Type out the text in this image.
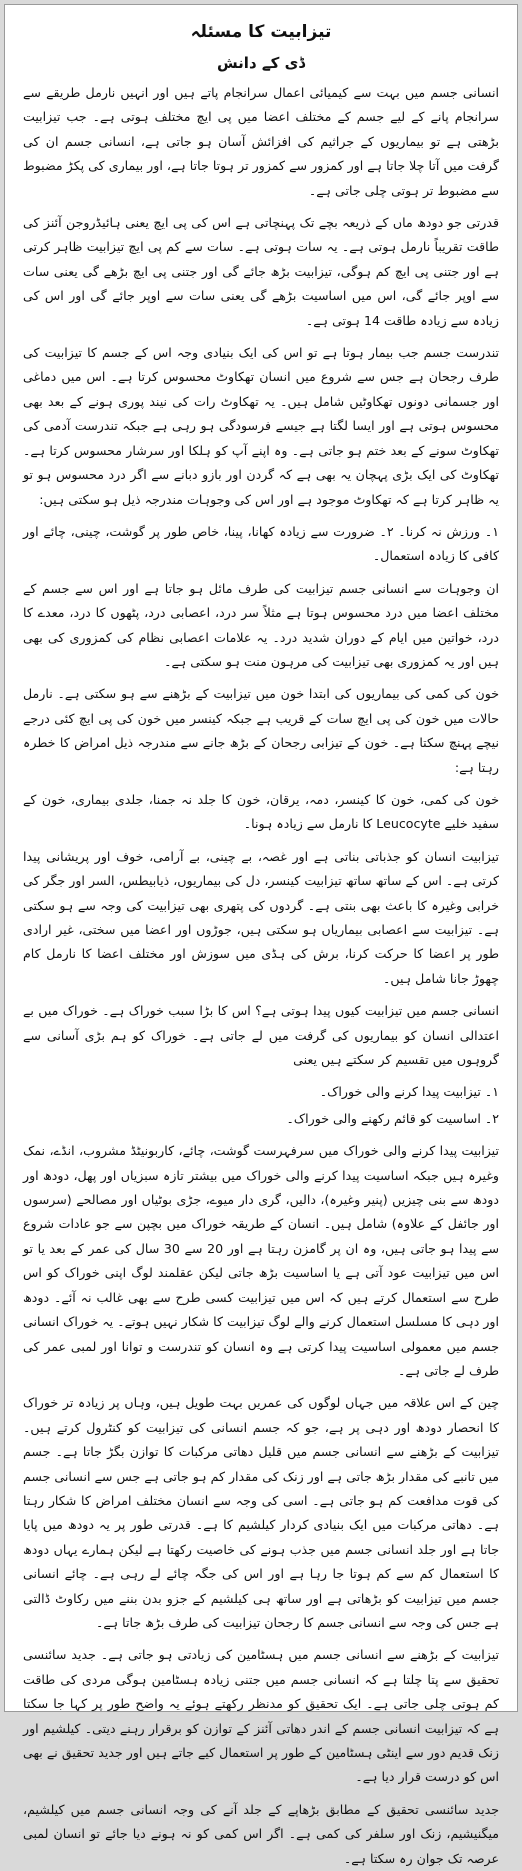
تیزابیت کا مسئلہ
ڈی کے دانش

انسانی جسم میں بہت سے کیمیائی اعمال سرانجام پاتے ہیں اور انہیں نارمل طریقے سے سرانجام پانے کے لیے جسم کے مختلف اعضا میں پی ایچ مختلف ہوتی ہے۔ جب تیزابیت بڑھتی ہے تو بیماریوں کے جراثیم کی افزائش آسان ہو جاتی ہے، انسانی جسم ان کی گرفت میں آتا چلا جاتا ہے اور کمزور سے کمزور تر ہوتا جاتا ہے، اور بیماری کی پکڑ مضبوط سے مضبوط تر ہوتی چلی جاتی ہے۔

قدرتی جو دودھ ماں کے ذریعہ بچے تک پہنچاتی ہے اس کی پی ایچ یعنی ہائیڈروجن آئنز کی طاقت تقریباً نارمل ہوتی ہے۔ یہ سات ہوتی ہے۔ سات سے کم پی ایچ تیزابیت ظاہر کرتی ہے اور جتنی پی ایچ کم ہوگی، تیزابیت بڑھ جائے گی اور جتنی پی ایچ بڑھے گی یعنی سات سے اوپر جائے گی، اس میں اساسیت بڑھے گی یعنی سات سے اوپر جائے گی اور اس کی زیادہ سے زیادہ طاقت 14 ہوتی ہے۔

تندرست جسم جب بیمار ہوتا ہے تو اس کی ایک بنیادی وجہ اس کے جسم کا تیزابیت کی طرف رجحان ہے جس سے شروع میں انسان تھکاوٹ محسوس کرتا ہے۔ اس میں دماغی اور جسمانی دونوں تھکاوٹیں شامل ہیں۔ یہ تھکاوٹ رات کی نیند پوری ہونے کے بعد بھی محسوس ہوتی ہے اور ایسا لگتا ہے جیسے فرسودگی ہو رہی ہے جبکہ تندرست آدمی کی تھکاوٹ سونے کے بعد ختم ہو جاتی ہے۔ وہ اپنے آپ کو ہلکا اور سرشار محسوس کرتا ہے۔ تھکاوٹ کی ایک بڑی پہچان یہ بھی ہے کہ گردن اور بازو دبانے سے اگر درد محسوس ہو تو یہ ظاہر کرتا ہے کہ تھکاوٹ موجود ہے اور اس کی وجوہات مندرجہ ذیل ہو سکتی ہیں:

۱۔ ورزش نہ کرنا۔ ۲۔ ضرورت سے زیادہ کھانا، پینا، خاص طور پر گوشت، چینی، چائے اور کافی کا زیادہ استعمال۔

ان وجوہات سے انسانی جسم تیزابیت کی طرف مائل ہو جاتا ہے اور اس سے جسم کے مختلف اعضا میں درد محسوس ہوتا ہے مثلاً سر درد، اعصابی درد، پٹھوں کا درد، معدے کا درد، خواتین میں ایام کے دوران شدید درد۔ یہ علامات اعصابی نظام کی کمزوری کی بھی ہیں اور یہ کمزوری بھی تیزابیت کی مرہون منت ہو سکتی ہے۔

خون کی کمی کی بیماریوں کی ابتدا خون میں تیزابیت کے بڑھنے سے ہو سکتی ہے۔ نارمل حالات میں خون کی پی ایچ سات کے قریب ہے جبکہ کینسر میں خون کی پی ایچ کئی درجے نیچے پہنچ سکتا ہے۔ خون کے تیزابی رجحان کے بڑھ جانے سے مندرجہ ذیل امراض کا خطرہ رہتا ہے:

خون کی کمی، خون کا کینسر، دمہ، یرقان، خون کا جلد نہ جمنا، جلدی بیماری، خون کے سفید خلیے Leucocyte کا نارمل سے زیادہ ہونا۔

تیزابیت انسان کو جذباتی بناتی ہے اور غصہ، بے چینی، بے آرامی، خوف اور پریشانی پیدا کرتی ہے۔ اس کے ساتھ ساتھ تیزابیت کینسر، دل کی بیماریوں، ذیابیطس، السر اور جگر کی خرابی وغیرہ کا باعث بھی بنتی ہے۔ گردوں کی پتھری بھی تیزابیت کی وجہ سے ہو سکتی ہے۔ تیزابیت سے اعصابی بیماریاں ہو سکتی ہیں، جوڑوں اور اعضا میں سختی، غیر ارادی طور پر اعضا کا حرکت کرنا، برش کی ہڈی میں سوزش اور مختلف اعضا کا نارمل کام چھوڑ جانا شامل ہیں۔

انسانی جسم میں تیزابیت کیوں پیدا ہوتی ہے؟ اس کا بڑا سبب خوراک ہے۔ خوراک میں بے اعتدالی انسان کو بیماریوں کی گرفت میں لے جاتی ہے۔ خوراک کو ہم بڑی آسانی سے گروہوں میں تقسیم کر سکتے ہیں یعنی

۱۔ تیزابیت پیدا کرنے والی خوراک۔

۲۔ اساسیت کو قائم رکھنے والی خوراک۔

تیزابیت پیدا کرنے والی خوراک میں سرفہرست گوشت، چائے، کاربونیٹڈ مشروب، انڈے، نمک وغیرہ ہیں جبکہ اساسیت پیدا کرنے والی خوراک میں بیشتر تازہ سبزیاں اور پھل، دودھ اور دودھ سے بنی چیزیں (پنیر وغیرہ)، دالیں، گری دار میوے، جڑی بوٹیاں اور مصالحے (سرسوں اور جائفل کے علاوہ) شامل ہیں۔ انسان کے طریقہ خوراک میں بچپن سے جو عادات شروع سے پیدا ہو جاتی ہیں، وہ ان پر گامزن رہتا ہے اور 20 سے 30 سال کی عمر کے بعد یا تو اس میں تیزابیت عود آتی ہے یا اساسیت بڑھ جاتی لیکن عقلمند لوگ اپنی خوراک کو اس طرح سے استعمال کرتے ہیں کہ اس میں تیزابیت کسی طرح سے بھی غالب نہ آئے۔ دودھ اور دہی کا مسلسل استعمال کرنے والے لوگ تیزابیت کا شکار نہیں ہوتے۔ یہ خوراک انسانی جسم میں معمولی اساسیت پیدا کرتی ہے وہ انسان کو تندرست و توانا اور لمبی عمر کی طرف لے جاتی ہے۔

چین کے اس علاقہ میں جہاں لوگوں کی عمریں بہت طویل ہیں، وہاں پر زیادہ تر خوراک کا انحصار دودھ اور دہی پر ہے، جو کہ جسم انسانی کی تیزابیت کو کنٹرول کرتے ہیں۔ تیزابیت کے بڑھنے سے انسانی جسم میں قلیل دھاتی مرکبات کا توازن بگڑ جاتا ہے۔ جسم میں تانبے کی مقدار بڑھ جاتی ہے اور زنک کی مقدار کم ہو جاتی ہے جس سے انسانی جسم کی قوت مدافعت کم ہو جاتی ہے۔ اسی کی وجہ سے انسان مختلف امراض کا شکار رہتا ہے۔ دھاتی مرکبات میں ایک بنیادی کردار کیلشیم کا ہے۔ قدرتی طور پر یہ دودھ میں پایا جاتا ہے اور جلد انسانی جسم میں جذب ہونے کی خاصیت رکھتا ہے لیکن ہمارے یہاں دودھ کا استعمال کم سے کم ہوتا جا رہا ہے اور اس کی جگہ چائے لے رہی ہے۔ چائے انسانی جسم میں تیزابیت کو بڑھاتی ہے اور ساتھ ہی کیلشیم کے جزو بدن بننے میں رکاوٹ ڈالتی ہے جس کی وجہ سے انسانی جسم کا رجحان تیزابیت کی طرف بڑھ جاتا ہے۔

تیزابیت کے بڑھنے سے انسانی جسم میں ہسٹامین کی زیادتی ہو جاتی ہے۔ جدید سائنسی تحقیق سے پتا چلتا ہے کہ انسانی جسم میں جتنی زیادہ ہسٹامین ہوگی مردی کی طاقت کم ہوتی چلی جاتی ہے۔ ایک تحقیق کو مدنظر رکھتے ہوئے یہ واضح طور پر کہا جا سکتا ہے کہ تیزابیت انسانی جسم کے اندر دھاتی آئنز کے توازن کو برقرار رہنے دیتی۔ کیلشیم اور زنک قدیم دور سے اینٹی ہسٹامین کے طور پر استعمال کیے جاتے ہیں اور جدید تحقیق نے بھی اس کو درست قرار دیا ہے۔

جدید سائنسی تحقیق کے مطابق بڑھاپے کے جلد آنے کی وجہ انسانی جسم میں کیلشیم، میگنیشیم، زنک اور سلفر کی کمی ہے۔ اگر اس کمی کو نہ ہونے دیا جائے تو انسان لمبی عرصہ تک جوان رہ سکتا ہے۔
